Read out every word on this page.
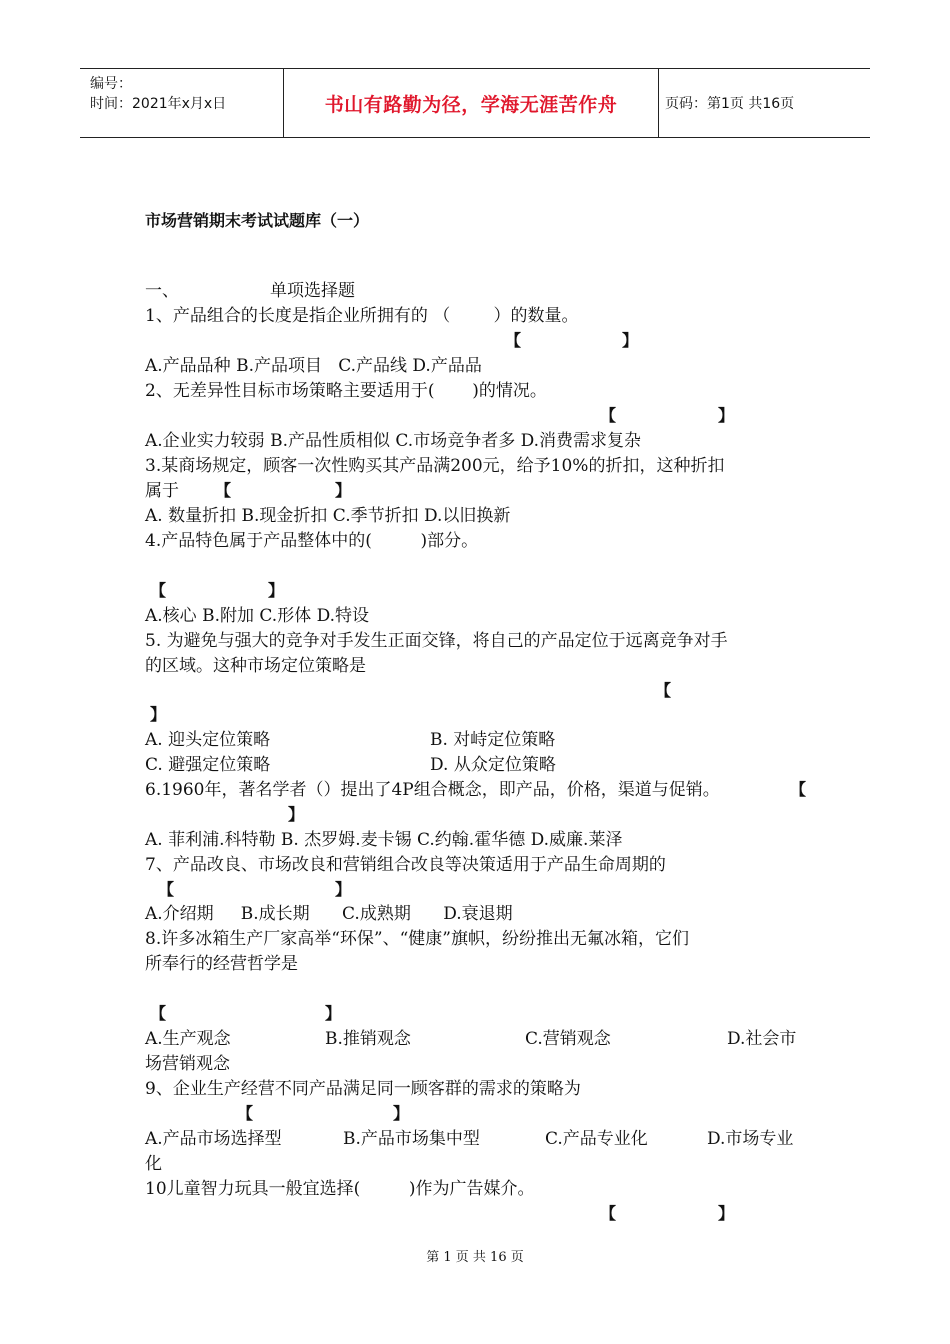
编号：
时间：2021年x月x日	书山有路勤为径，学海无涯苦作舟	页码：第1页 共16页
市场营销期末考试试题库（一）
一、	单项选择题
1、产品组合的长度是指企业所拥有的 （        ）的数量。
【	】
A.产品品种 B.产品项目   C.产品线 D.产品品
2、无差异性目标市场策略主要适用于(       )的情况。
【	】
A.企业实力较弱 B.产品性质相似 C.市场竞争者多 D.消费需求复杂
3.某商场规定，顾客一次性购买其产品满200元，给予10%的折扣，这种折扣
属于 【	】
A. 数量折扣 B.现金折扣 C.季节折扣 D.以旧换新
4.产品特色属于产品整体中的(         )部分。
【	】
A.核心 B.附加 C.形体 D.特设
5. 为避免与强大的竞争对手发生正面交锋，将自己的产品定位于远离竞争对手
的区域。这种市场定位策略是
【
】
A. 迎头定位策略	B. 对峙定位策略
C. 避强定位策略	D. 从众定位策略
6.1960年，著名学者（）提出了4P组合概念，即产品，价格，渠道与促销。	【
】
A. 菲利浦.科特勒 B. 杰罗姆.麦卡锡 C.约翰.霍华德 D.威廉.莱泽
7、产品改良、市场改良和营销组合改良等决策适用于产品生命周期的
【	】
A.介绍期     B.成长期      C.成熟期      D.衰退期
8.许多冰箱生产厂家高举“环保”、“健康”旗帜，纷纷推出无氟冰箱，它们
所奉行的经营哲学是
【	】
A.生产观念	B.推销观念	C.营销观念	D.社会市
场营销观念
9、企业生产经营不同产品满足同一顾客群的需求的策略为
【	】
A.产品市场选择型	B.产品市场集中型	C.产品专业化	D.市场专业
化
10儿童智力玩具一般宜选择(         )作为广告媒介。
【	】
第 1 页 共 16 页
